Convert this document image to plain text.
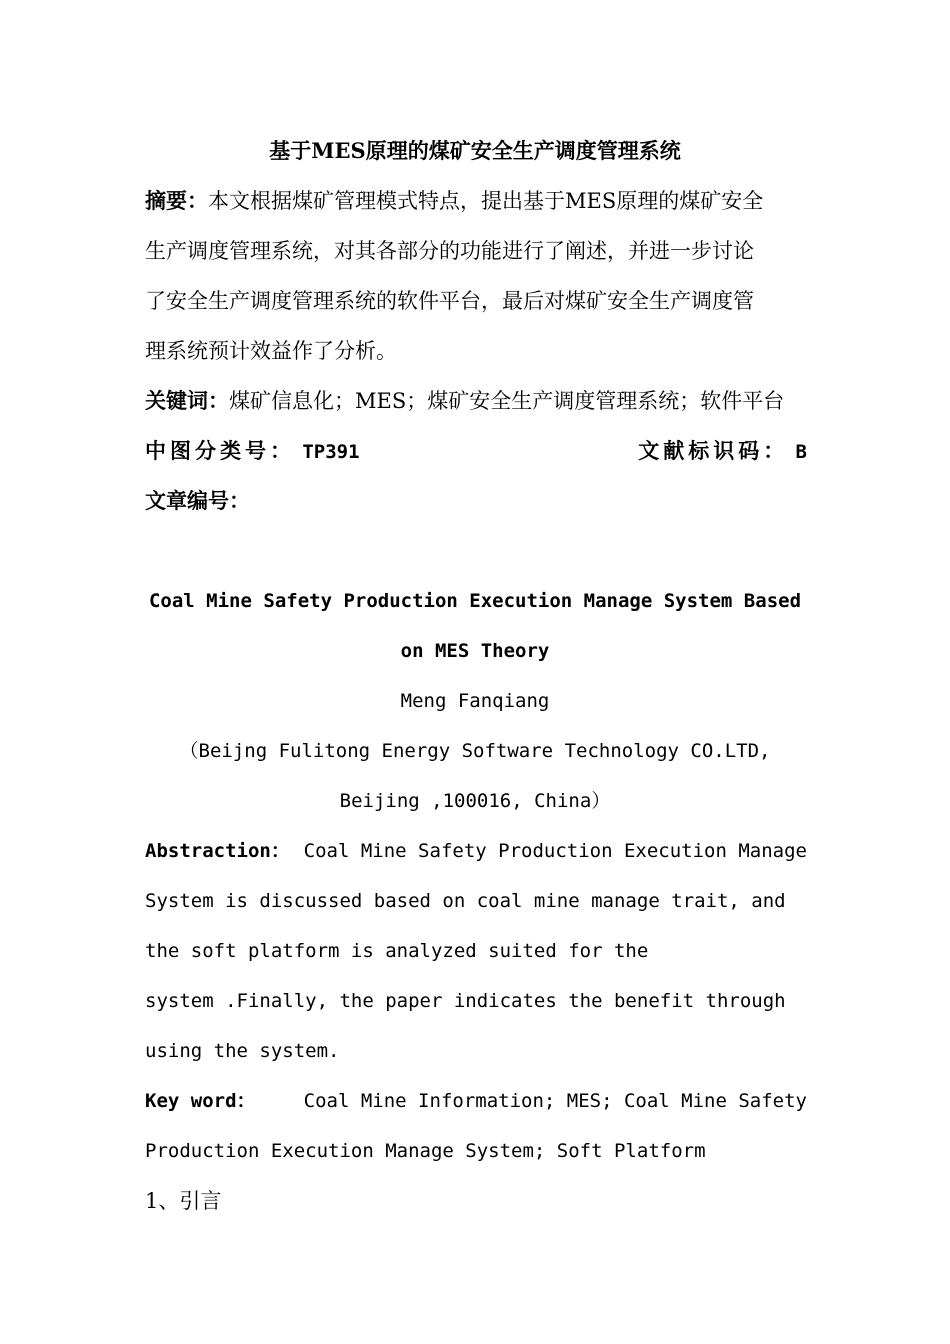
基于MES原理的煤矿安全生产调度管理系统
摘要：本文根据煤矿管理模式特点，提出基于MES原理的煤矿安全
生产调度管理系统，对其各部分的功能进行了阐述，并进一步讨论
了安全生产调度管理系统的软件平台，最后对煤矿安全生产调度管
理系统预计效益作了分析。
关键词：煤矿信息化；MES；煤矿安全生产调度管理系统；软件平台
中图分类号： TP391	文献标识码： B
文章编号：
Coal Mine Safety Production Execution Manage System Based
on MES Theory
Meng Fanqiang
（Beijng Fulitong Energy Software Technology CO.LTD,
Beijing ,100016, China）
Abstraction： Coal Mine Safety Production Execution Manage
System is discussed based on coal mine manage trait, and
the soft platform is analyzed suited for the
system .Finally, the paper indicates the benefit through
using the system.
Key word：	Coal Mine Information; MES; Coal Mine Safety
Production Execution Manage System; Soft Platform
1、引言
